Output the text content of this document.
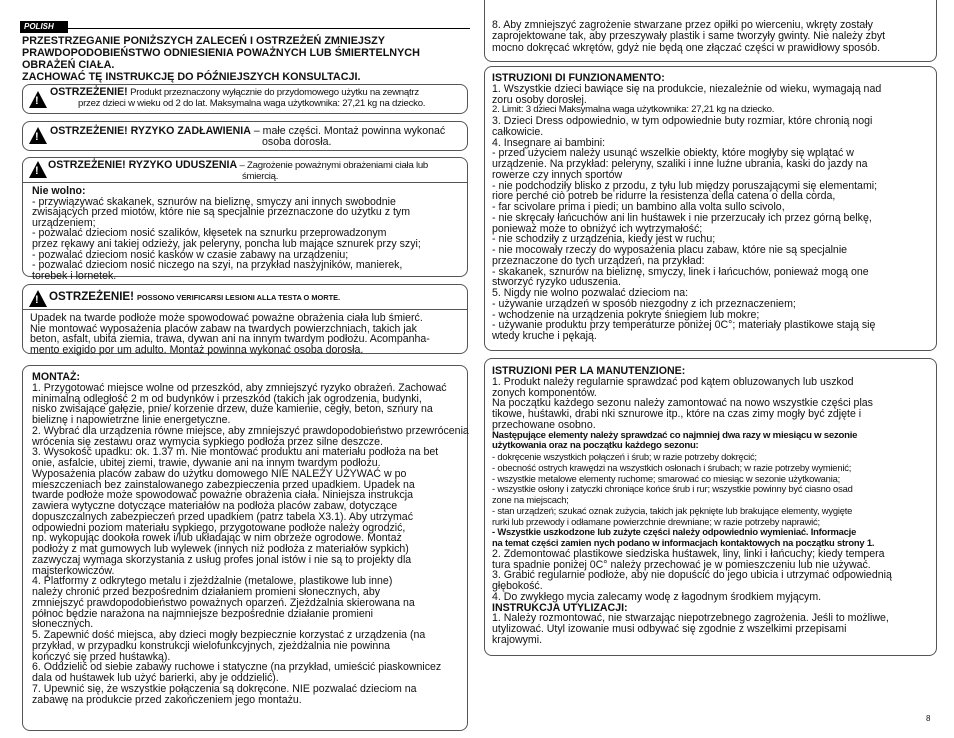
POLISH
PRZESTRZEGANIE PONIŻSZYCH ZALECEŃ I OSTRZEŻEŃ ZMNIEJSZY
PRAWDOPODOBIEŃSTWO ODNIESIENIA POWAŻNYCH LUB ŚMIERTELNYCH
OBRAŻEŃ CIAŁA.
ZACHOWAĆ TĘ INSTRUKCJĘ DO PÓŹNIEJSZYCH KONSULTACJI.
!
OSTRZEŻENIE! Produkt przeznaczony wyłącznie do przydomowego użytku na zewnątrz
przez dzieci w wieku od 2 do lat. Maksymalna waga użytkownika: 27,21 kg na dziecko.
!
OSTRZEŻENIE! RYZYKO ZADŁAWIENIA – małe części. Montaż powinna wykonać
osoba dorosła.
!
OSTRZEŻENIE! RYZYKO UDUSZENIA – Zagrożenie poważnymi obrażeniami ciała lub
śmiercią.
Nie wolno:
- przywiązywać skakanek, sznurów na bieliznę, smyczy ani innych swobodnie
zwisających przed miotów, które nie są specjalnie przeznaczone do użytku z tym
urządzeniem;
- pozwalać dzieciom nosić szalików, kłęsetek na sznurku przeprowadzonym
przez rękawy ani takiej odzieży, jak peleryny, poncha lub mające sznurek przy szyi;
- pozwalać dzieciom nosić kasków w czasie zabawy na urządzeniu;
- pozwalać dzieciom nosić niczego na szyi, na przykład naszyjników, manierek,
torebek i lornetek.
!
OSTRZEŻENIE! POSSONO VERIFICARSI LESIONI ALLA TESTA O MORTE.
Upadek na twarde podłoże może spowodować poważne obrażenia ciała lub śmierć.
Nie montować wyposażenia placów zabaw na twardych powierzchniach, takich jak
beton, asfalt, ubita ziemia, trawa, dywan ani na innym twardym podłożu. Acompanha-
mento exigido por um adulto. Montaż powinna wykonać osoba dorosła.
MONTAŻ:
1. Przygotować miejsce wolne od przeszkód, aby zmniejszyć ryzyko obrażeń. Zachować
minimalną odległość 2 m od budynków i przeszkód (takich jak ogrodzenia, budynki,
nisko zwisające gałęzie, pnie/ korzenie drzew, duże kamienie, cegły, beton, sznury na
bieliznę i napowietrzne linie energetyczne.
2. Wybrać dla urządzenia równe miejsce, aby zmniejszyć prawdopodobieństwo przewrócenia
wrócenia się zestawu oraz wymycia sypkiego podłoża przez silne deszcze.
3. Wysokość upadku: ok. 1.37 m. Nie montować produktu ani materiału podłoża na bet
onie, asfalcie, ubitej ziemi, trawie, dywanie ani na innym twardym podłożu.
Wyposażenia placów zabaw do użytku domowego NIE NALEŻY UŻYWAĆ w po
mieszczeniach bez zainstalowanego zabezpieczenia przed upadkiem. Upadek na
twarde podłoże może spowodować poważne obrażenia ciała. Niniejsza instrukcja
zawiera wytyczne dotyczące materiałów na podłoża placów zabaw, dotyczące
dopuszczalnych zabezpieczeń przed upadkiem (patrz tabela X3.1). Aby utrzymać
odpowiedni poziom materiału sypkiego, przygotowane podłoże należy ogrodzić,
np. wykopując dookoła rowek i/lub układając w nim obrzeże ogrodowe. Montaż
podłoży z mat gumowych lub wylewek (innych niż podłoża z materiałów sypkich)
zazwyczaj wymaga skorzystania z usług profes jonal istów i nie są to projekty dla
majsterkowiczów.
4. Platformy z odkrytego metalu i zjeżdżalnie (metalowe, plastikowe lub inne)
należy chronić przed bezpośrednim działaniem promieni słonecznych, aby
zmniejszyć prawdopodobieństwo poważnych oparzeń. Zjeżdżalnia skierowana na
północ będzie narażona na najmniejsze bezpośrednie działanie promieni
słonecznych.
5. Zapewnić dość miejsca, aby dzieci mogły bezpiecznie korzystać z urządzenia (na
przykład, w przypadku konstrukcji wielofunkcyjnych, zjeżdżalnia nie powinna
kończyć się przed huśtawką).
6. Oddzielić od siebie zabawy ruchowe i statyczne (na przykład, umieścić piaskownicez
dala od huśtawek lub użyć barierki, aby je oddzielić).
7. Upewnić się, że wszystkie połączenia są dokręcone. NIE pozwalać dzieciom na
zabawę na produkcie przed zakończeniem jego montażu.
8. Aby zmniejszyć zagrożenie stwarzane przez opiłki po wierceniu, wkręty zostały
zaprojektowane tak, aby przeszywały plastik i same tworzyły gwinty. Nie należy zbyt
mocno dokręcać wkrętów, gdyż nie będą one złączać części w prawidłowy sposób.
ISTRUZIONI DI FUNZIONAMENTO:
1. Wszystkie dzieci bawiące się na produkcie, niezależnie od wieku, wymagają nad
zoru osoby dorosłej.
2. Limit: 3 dzieci Maksymalna waga użytkownika: 27,21 kg na dziecko.
3. Dzieci Dress odpowiednio, w tym odpowiednie buty rozmiar, które chronią nogi
całkowicie.
4. Insegnare ai bambini:
- przed użyciem należy usunąć wszelkie obiekty, które mogłyby się wplątać w
urządzenie. Na przykład: peleryny, szaliki i inne luźne ubrania, kaski do jazdy na
rowerze czy innych sportów
- nie podchodziły blisko z przodu, z tyłu lub między poruszającymi się elementami;
riore perché ciò potreb be ridurre la resistenza della catena o della corda,
- far scivolare prima i piedi; un bambino alla volta sullo scivolo,
- nie skręcały łańcuchów ani lin huśtawek i nie przerzucały ich przez górną belkę,
ponieważ może to obniżyć ich wytrzymałość;
- nie schodziły z urządzenia, kiedy jest w ruchu;
- nie mocowały rzeczy do wyposażenia placu zabaw, które nie są specjalnie
przeznaczone do tych urządzeń, na przykład:
- skakanek, sznurów na bieliznę, smyczy, linek i łańcuchów, ponieważ mogą one
stworzyć ryzyko uduszenia.
5. Nigdy nie wolno pozwalać dzieciom na:
- używanie urządzeń w sposób niezgodny z ich przeznaczeniem;
- wchodzenie na urządzenia pokryte śniegiem lub mokre;
- używanie produktu przy temperaturze poniżej 0C°; materiały plastikowe stają się
wtedy kruche i pękają.
ISTRUZIONI PER LA MANUTENZIONE:
1. Produkt należy regularnie sprawdzać pod kątem obluzowanych lub uszkod
zonych komponentów.
Na początku każdego sezonu należy zamontować na nowo wszystkie części plas
tikowe, huśtawki, drabi nki sznurowe itp., które na czas zimy mogły być zdjęte i
przechowane osobno.
Następujące elementy należy sprawdzać co najmniej dwa razy w miesiącu w sezonie
użytkowania oraz na początku każdego sezonu:
- dokręcenie wszystkich połączeń i śrub; w razie potrzeby dokręcić;
- obecność ostrych krawędzi na wszystkich osłonach i śrubach; w razie potrzeby wymienić;
- wszystkie metalowe elementy ruchome; smarować co miesiąc w sezonie użytkowania;
- wszystkie osłony i zatyczki chroniące końce śrub i rur; wszystkie powinny być ciasno osad
zone na miejscach;
- stan urządzeń; szukać oznak zużycia, takich jak pęknięte lub brakujące elementy, wygięte
rurki lub przewody i odłamane powierzchnie drewniane; w razie potrzeby naprawić;
- Wszystkie uszkodzone lub zużyte części należy odpowiednio wymieniać. Informacje
na temat części zamien nych podano w informacjach kontaktowych na początku strony 1.
2. Zdemontować plastikowe siedziska huśtawek, liny, linki i łańcuchy; kiedy tempera
tura spadnie poniżej 0C° należy przechować je w pomieszczeniu lub nie używać.
3. Grabić regularnie podłoże, aby nie dopuścić do jego ubicia i utrzymać odpowiednią
głębokość.
4. Do zwykłego mycia zalecamy wodę z łagodnym środkiem myjącym.
INSTRUKCJA UTYLIZACJI:
1. Należy rozmontować, nie stwarzając niepotrzebnego zagrożenia. Jeśli to możliwe,
utylizować. Utyl izowanie musi odbywać się zgodnie z wszelkimi przepisami
krajowymi.
8
